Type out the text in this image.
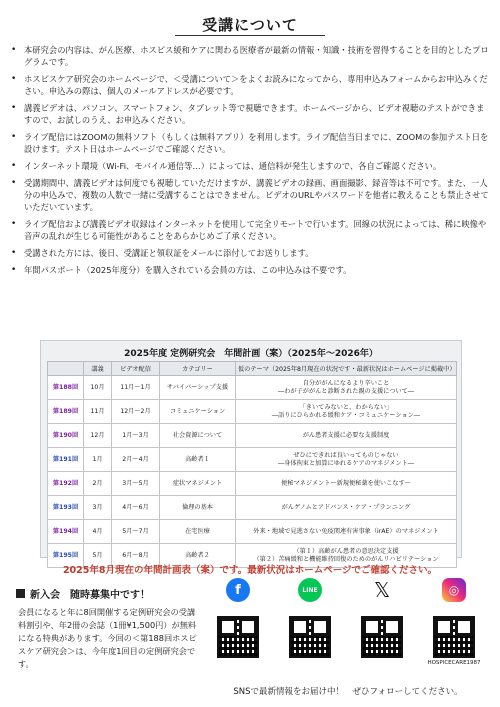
受講について
• 本研究会の内容は、がん医療、ホスピス緩和ケアに関わる医療者が最新の情報・知識・技術を習得することを目的としたプログラムです。
• ホスピスケア研究会のホームページで、＜受講について＞をよくお読みになってから、専用申込みフォームからお申込みください。申込みの際は、個人のメールアドレスが必要です。
• 講義ビデオは、パソコン、スマートフォン、タブレット等で視聴できます。ホームページから、ビデオ視聴のテストができますので、お試しのうえ、お申込みください。
• ライブ配信にはZOOMの無料ソフト（もしくは無料アプリ）を利用します。ライブ配信当日までに、ZOOMの参加テスト日を設けます。テスト日はホームページでご確認ください。
• インターネット環境（Wi-Fi、モバイル通信等…）によっては、通信料が発生しますので、各自ご確認ください。
• 受講期間中、講義ビデオは何度でも視聴していただけますが、講義ビデオの録画、画面撮影、録音等は不可です。また、一人分の申込みで、複数の人数で一緒に受講することはできません。ビデオのURLやパスワードを他者に教えることも禁止させていただいています。
• ライブ配信および講義ビデオ収録はインターネットを使用して完全リモートで行います。回線の状況によっては、稀に映像や音声の乱れが生じる可能性があることをあらかじめご了承ください。
• 受講された方には、後日、受講証と領収証をメールに添付してお送りします。
• 年間パスポート（2025年度分）を購入されている会員の方は、この申込みは不要です。
2025年度 定例研究会　年間計画（案）（2025年〜2026年）
	講義	ビデオ配信	カテゴリー	仮のテーマ（2025年8月現在の状況です・最新状況はホームページに掲載中）
第188回	10月	11月〜1月	サバイバーシップ支援	自分ががんになるより辛いこと
―わが子ががんと診断された親の支援について―

第189回	11月	12月〜2月	コミュニケーション	「きいてみないと、わからない」
―語りにひらかれる緩和ケア・コミュニケーション―

第190回	12月	1月〜3月	社会資源について	がん患者支援に必要な支援制度

第191回	1月	2月〜4月	高齢者１	ぜひにできれば良いってものじゃない
―身体拘束と加算にゆれるケアのマネジメント―

第192回	2月	3月〜5月	症状マネジメント	便秘マネジメント〜新規便秘薬を使いこなす〜

第193回	3月	4月〜6月	倫理の基本	がんゲノムとアドバンス・ケア・プランニング

第194回	4月	5月〜7月	在宅医療	外来・地域で見逃さない免疫関連有害事象（irAE）のマネジメント

第195回	5月	6月〜8月	高齢者２	（第１）高齢がん患者の意思決定支援
（第２）苦痛緩和と機能維持回復のためのがんリハビリテーション
2025年8月現在の年間計画表（案）です。最新状況はホームページでご確認ください。
新入会　随時募集中です！
会員になると年に8回開催する定例研究会の受講料割引や、年2冊の会誌（1冊¥1,500円）が無料になる特典があります。今回の＜第188回ホスピスケア研究会＞は、今年度1回目の定例研究会です。
f	LINE	𝕏	◎
HOSPICECARE1987
SNSで最新情報をお届け中！　ぜひフォローしてください。
